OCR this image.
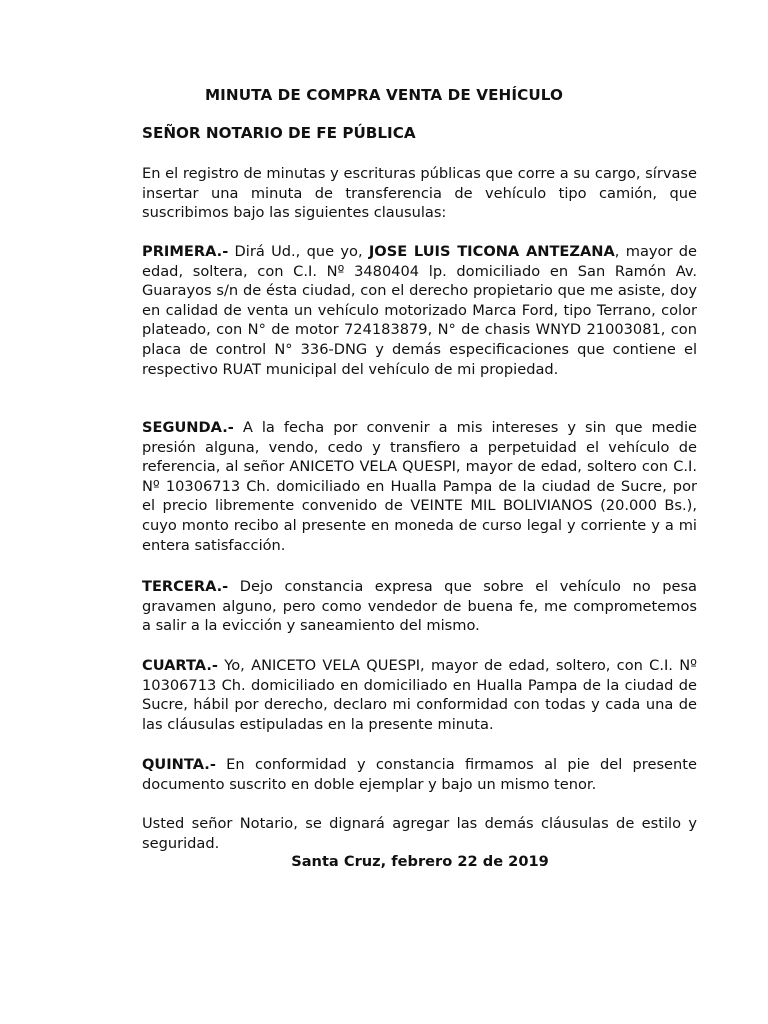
MINUTA DE COMPRA VENTA DE VEHÍCULO
SEÑOR NOTARIO DE FE PÚBLICA

En el registro de minutas y escrituras públicas que corre a su cargo, sírvase insertar una minuta de transferencia de vehículo tipo camión, que suscribimos bajo las siguientes clausulas:

PRIMERA.- Dirá Ud., que yo, JOSE LUIS TICONA ANTEZANA, mayor de edad, soltera, con C.I. Nº 3480404 lp. domiciliado en San Ramón Av. Guarayos s/n de ésta ciudad, con el derecho propietario que me asiste, doy en calidad de venta un vehículo motorizado Marca Ford, tipo Terrano, color plateado, con N° de motor 724183879, N° de chasis WNYD 21003081, con placa de control N° 336-DNG y demás especificaciones que contiene el respectivo RUAT municipal del vehículo de mi propiedad.

SEGUNDA.- A la fecha por convenir a mis intereses y sin que medie presión alguna, vendo, cedo y transfiero a perpetuidad el vehículo de referencia, al señor ANICETO VELA QUESPI, mayor de edad, soltero con C.I. Nº 10306713 Ch. domiciliado en Hualla Pampa de la ciudad de Sucre, por el precio libremente convenido de VEINTE MIL BOLIVIANOS (20.000 Bs.), cuyo monto recibo al presente en moneda de curso legal y corriente y a mi entera satisfacción.

TERCERA.- Dejo constancia expresa que sobre el vehículo no pesa gravamen alguno, pero como vendedor de buena fe, me comprometemos a salir a la evicción y saneamiento del mismo.

CUARTA.- Yo, ANICETO VELA QUESPI, mayor de edad, soltero, con C.I. Nº 10306713 Ch. domiciliado en domiciliado en Hualla Pampa de la ciudad de Sucre, hábil por derecho, declaro mi conformidad con todas y cada una de las cláusulas estipuladas en la presente minuta.

QUINTA.- En conformidad y constancia firmamos al pie del presente documento suscrito en doble ejemplar y bajo un mismo tenor.

Usted señor Notario, se dignará agregar las demás cláusulas de estilo y seguridad.

Santa Cruz, febrero 22 de 2019
